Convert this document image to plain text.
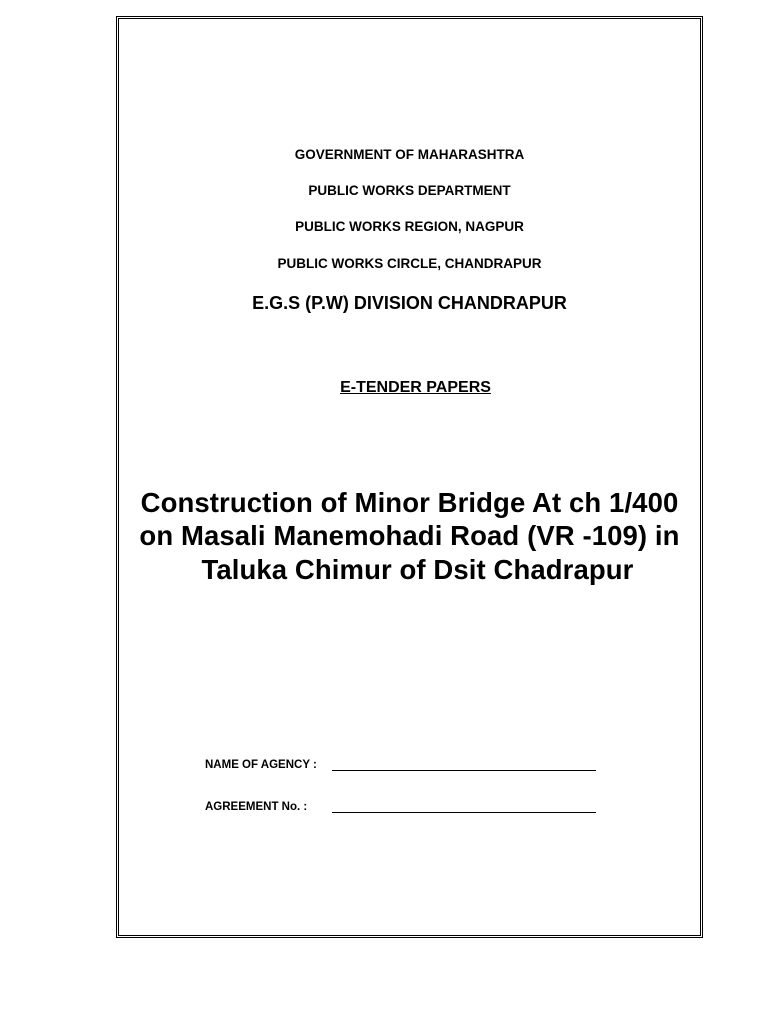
GOVERNMENT OF MAHARASHTRA
PUBLIC WORKS DEPARTMENT
PUBLIC WORKS REGION, NAGPUR
PUBLIC WORKS CIRCLE, CHANDRAPUR
E.G.S (P.W) DIVISION CHANDRAPUR
E-TENDER PAPERS
Construction of Minor Bridge At ch 1/400
on Masali Manemohadi Road (VR -109) in
Taluka Chimur of Dsit Chadrapur
NAME OF AGENCY :
AGREEMENT No. :
